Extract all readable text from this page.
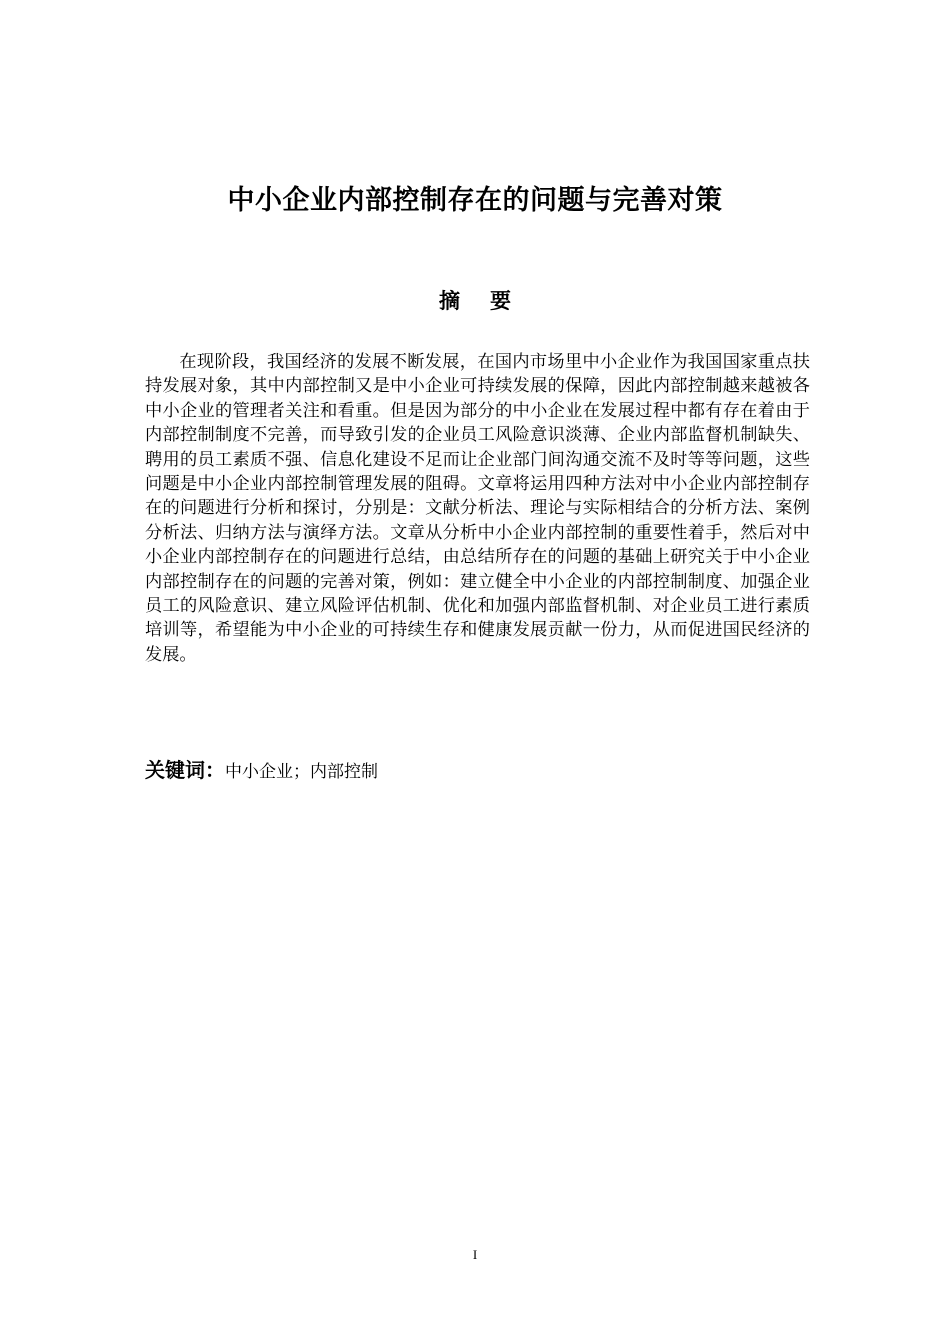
中小企业内部控制存在的问题与完善对策
摘 要

在现阶段，我国经济的发展不断发展，在国内市场里中小企业作为我国国家重点扶持发展对象，其中内部控制又是中小企业可持续发展的保障，因此内部控制越来越被各中小企业的管理者关注和看重。但是因为部分的中小企业在发展过程中都有存在着由于内部控制制度不完善，而导致引发的企业员工风险意识淡薄、企业内部监督机制缺失、聘用的员工素质不强、信息化建设不足而让企业部门间沟通交流不及时等等问题，这些问题是中小企业内部控制管理发展的阻碍。文章将运用四种方法对中小企业内部控制存在的问题进行分析和探讨，分别是：文献分析法、理论与实际相结合的分析方法、案例分析法、归纳方法与演绎方法。文章从分析中小企业内部控制的重要性着手，然后对中小企业内部控制存在的问题进行总结，由总结所存在的问题的基础上研究关于中小企业内部控制存在的问题的完善对策，例如：建立健全中小企业的内部控制制度、加强企业员工的风险意识、建立风险评估机制、优化和加强内部监督机制、对企业员工进行素质培训等，希望能为中小企业的可持续生存和健康发展贡献一份力，从而促进国民经济的发展。

关键词：中小企业；内部控制
I
